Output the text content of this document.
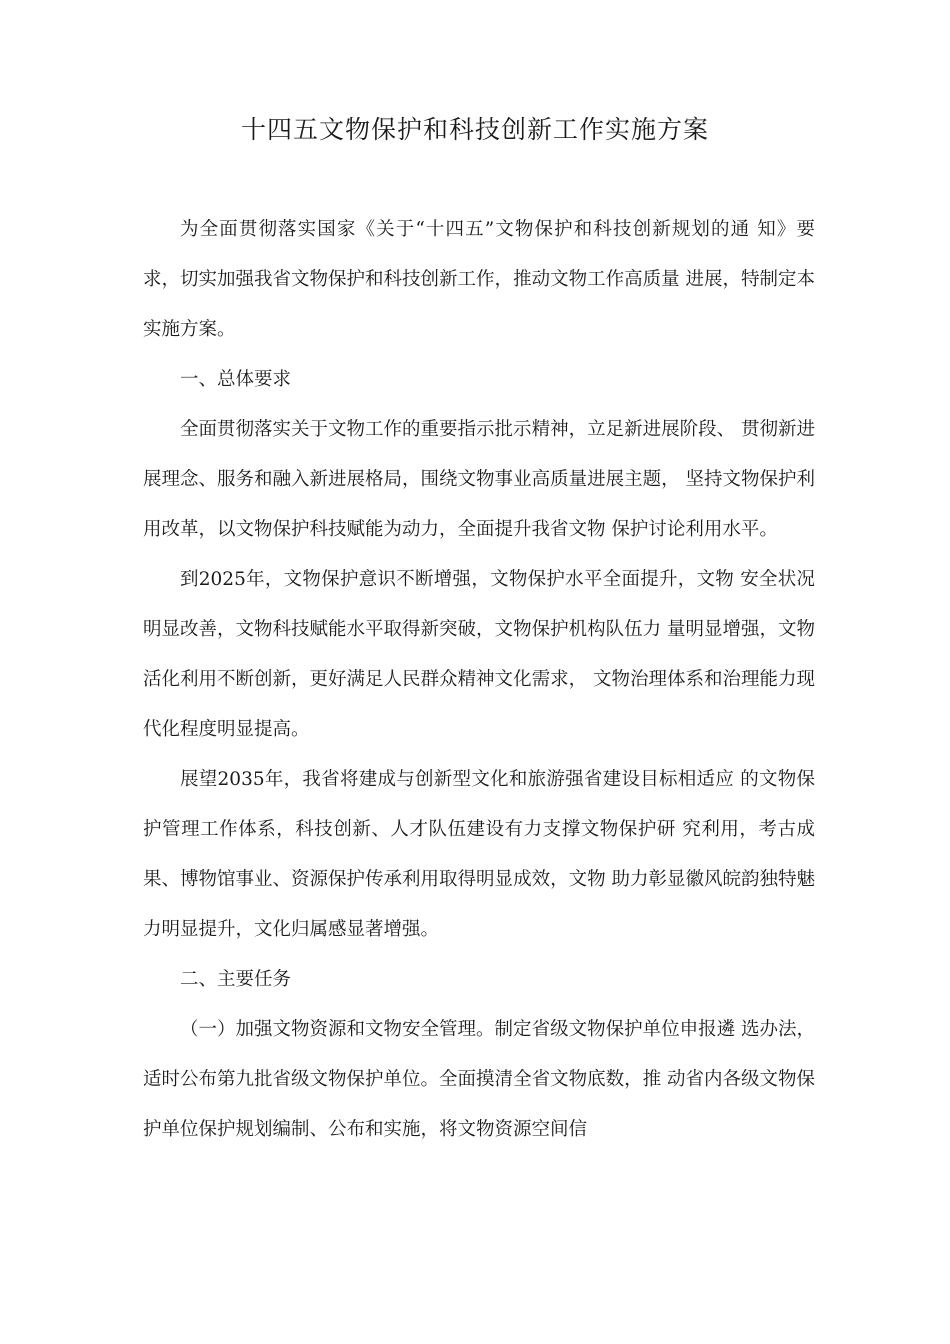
十四五文物保护和科技创新工作实施方案

为全面贯彻落实国家《关于“十四五”文物保护和科技创新规划的通 知》要求，切实加强我省文物保护和科技创新工作，推动文物工作高质量 进展，特制定本实施方案。

一、总体要求

全面贯彻落实关于文物工作的重要指示批示精神，立足新进展阶段、 贯彻新进展理念、服务和融入新进展格局，围绕文物事业高质量进展主题， 坚持文物保护利用改革，以文物保护科技赋能为动力，全面提升我省文物 保护讨论利用水平。

到2025年，文物保护意识不断增强，文物保护水平全面提升，文物 安全状况明显改善，文物科技赋能水平取得新突破，文物保护机构队伍力 量明显增强，文物活化利用不断创新，更好满足人民群众精神文化需求， 文物治理体系和治理能力现代化程度明显提高。

展望2035年，我省将建成与创新型文化和旅游强省建设目标相适应 的文物保护管理工作体系，科技创新、人才队伍建设有力支撑文物保护研 究利用，考古成果、博物馆事业、资源保护传承利用取得明显成效，文物 助力彰显徽风皖韵独特魅力明显提升，文化归属感显著增强。

二、主要任务

（一）加强文物资源和文物安全管理。制定省级文物保护单位申报遴 选办法，适时公布第九批省级文物保护单位。全面摸清全省文物底数，推 动省内各级文物保护单位保护规划编制、公布和实施，将文物资源空间信
